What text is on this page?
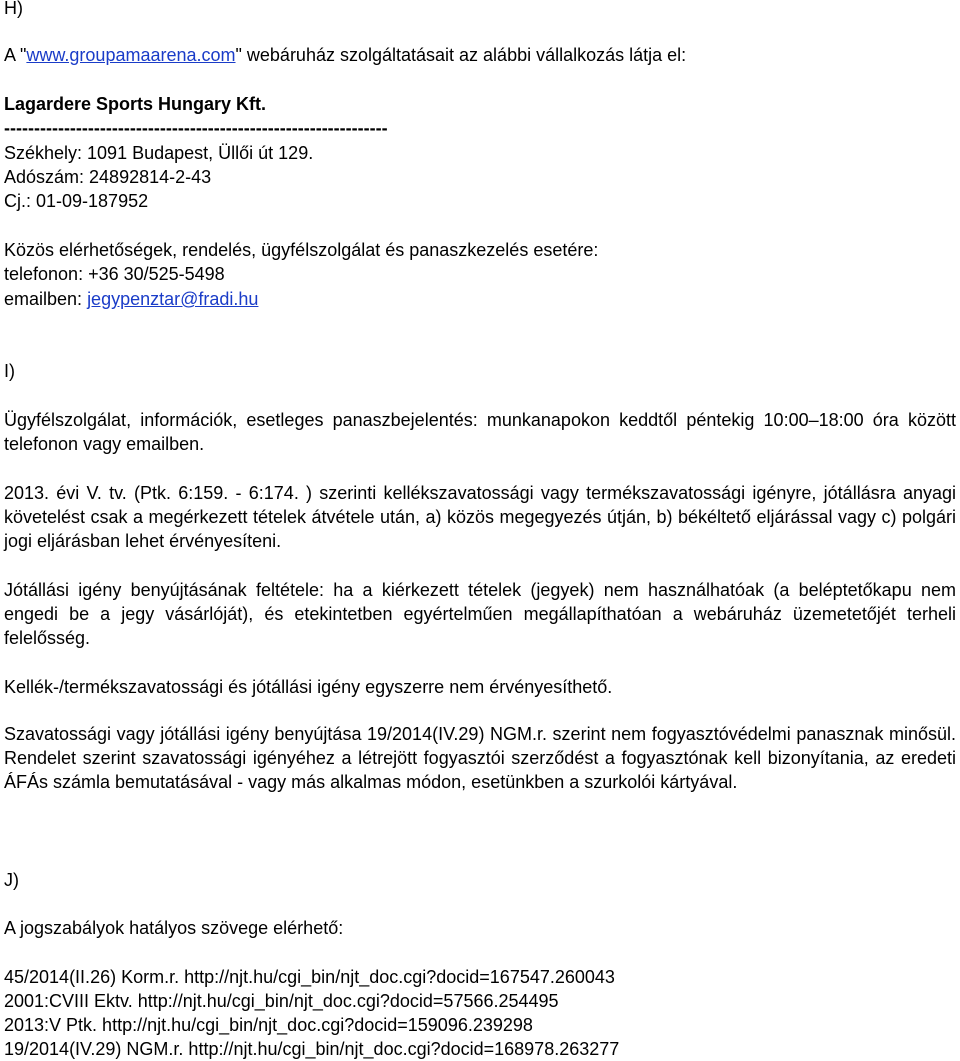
H)
A "www.groupamaarena.com" webáruház szolgáltatásait az alábbi vállalkozás látja el:
Lagardere Sports Hungary Kft.
----------------------------------------------------------------
Székhely: 1091 Budapest, Üllői út 129.
Adószám: 24892814-2-43
Cj.: 01-09-187952
Közös elérhetőségek, rendelés, ügyfélszolgálat és panaszkezelés esetére:
telefonon: +36 30/525-5498
emailben: jegypenztar@fradi.hu
I)

Ügyfélszolgálat, információk, esetleges panaszbejelentés: munkanapokon keddtől péntekig 10:00–18:00 óra között telefonon vagy emailben.

2013. évi V. tv. (Ptk. 6:159. - 6:174. ) szerinti kellékszavatossági vagy termékszavatossági igényre, jótállásra anyagi követelést csak a megérkezett tételek átvétele után, a) közös megegyezés útján, b) békéltető eljárással vagy c) polgári jogi eljárásban lehet érvényesíteni.

Jótállási igény benyújtásának feltétele: ha a kiérkezett tételek (jegyek) nem használhatóak (a beléptetőkapu nem engedi be a jegy vásárlóját), és etekintetben egyértelműen megállapíthatóan a webáruház üzemetetőjét terheli felelősség.

Kellék-/termékszavatossági és jótállási igény egyszerre nem érvényesíthető.

Szavatossági vagy jótállási igény benyújtása 19/2014(IV.29) NGM.r. szerint nem fogyasztóvédelmi panasznak minősül. Rendelet szerint szavatossági igényéhez a létrejött fogyasztói szerződést a fogyasztónak kell bizonyítania, az eredeti ÁFÁs számla bemutatásával - vagy más alkalmas módon, esetünkben a szurkolói kártyával.

J)
A jogszabályok hatályos szövege elérhető:
45/2014(II.26) Korm.r. http://njt.hu/cgi_bin/njt_doc.cgi?docid=167547.260043
2001:CVIII Ektv. http://njt.hu/cgi_bin/njt_doc.cgi?docid=57566.254495
2013:V Ptk. http://njt.hu/cgi_bin/njt_doc.cgi?docid=159096.239298
19/2014(IV.29) NGM.r. http://njt.hu/cgi_bin/njt_doc.cgi?docid=168978.263277
